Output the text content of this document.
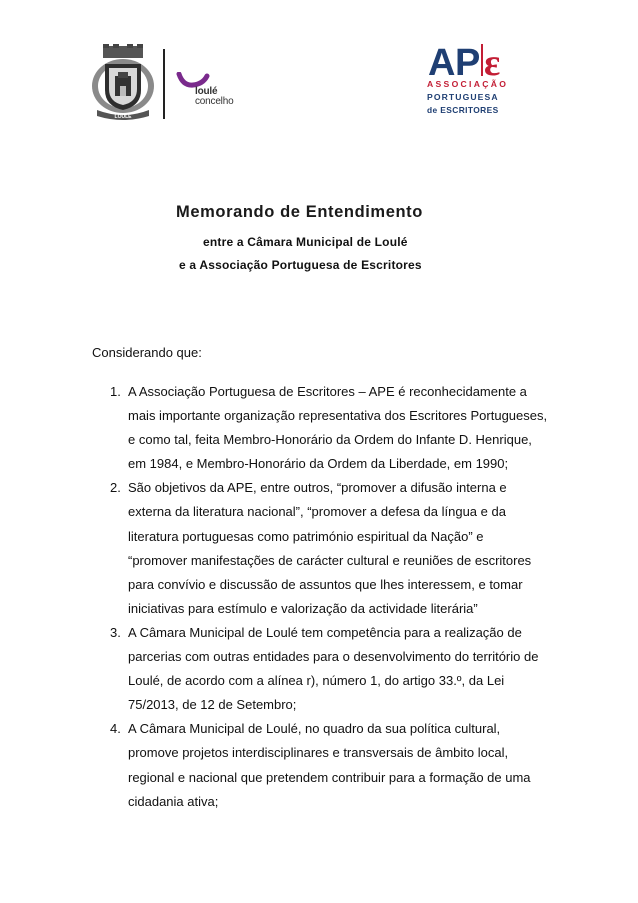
LOULÉ
loulé
concelho
A P ε
ASSOCIAÇÃO
PORTUGUESA
de ESCRITORES
Memorando de Entendimento
entre a Câmara Municipal de Loulé
e a Associação Portuguesa de Escritores
Considerando que:
1. A Associação Portuguesa de Escritores – APE é reconhecidamente a
mais importante organização representativa dos Escritores Portugueses,
e como tal, feita Membro-Honorário da Ordem do Infante D. Henrique,
em 1984, e Membro-Honorário da Ordem da Liberdade, em 1990;
2. São objetivos da APE, entre outros, “promover a difusão interna e
externa da literatura nacional”, “promover a defesa da língua e da
literatura portuguesas como património espiritual da Nação” e
“promover manifestações de carácter cultural e reuniões de escritores
para convívio e discussão de assuntos que lhes interessem, e tomar
iniciativas para estímulo e valorização da actividade literária”
3. A Câmara Municipal de Loulé tem competência para a realização de
parcerias com outras entidades para o desenvolvimento do território de
Loulé, de acordo com a alínea r), número 1, do artigo 33.º, da Lei
75/2013, de 12 de Setembro;
4. A Câmara Municipal de Loulé, no quadro da sua política cultural,
promove projetos interdisciplinares e transversais de âmbito local,
regional e nacional que pretendem contribuir para a formação de uma
cidadania ativa;
